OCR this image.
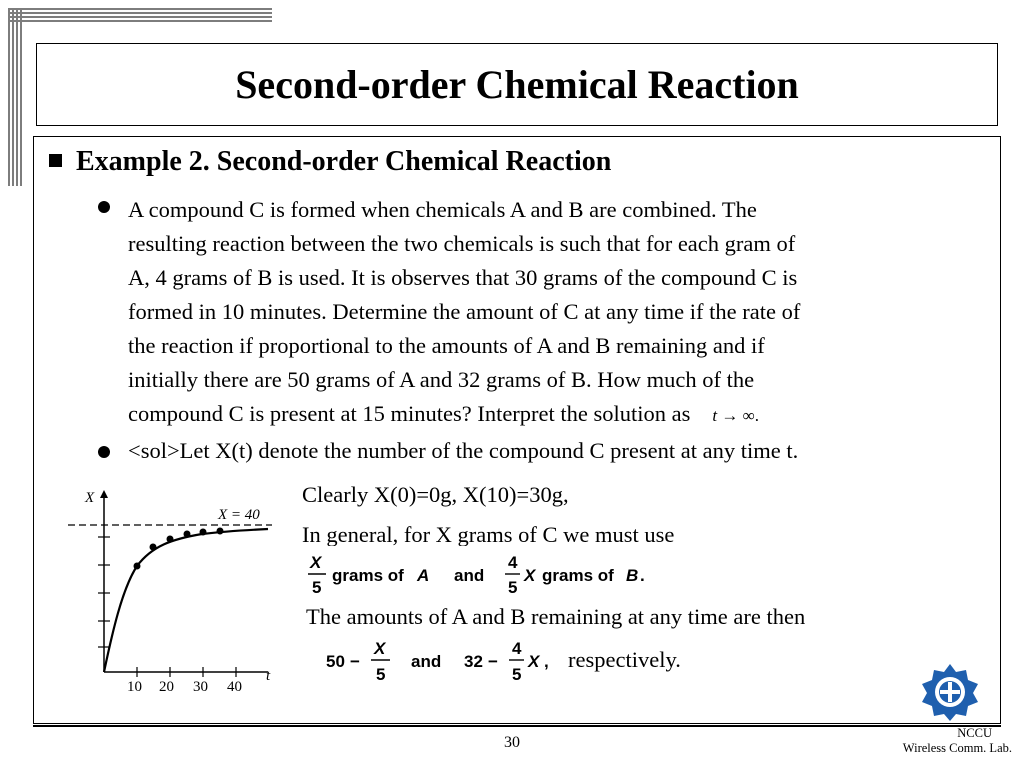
Second-order Chemical Reaction
Example 2. Second-order Chemical Reaction
A compound C is formed when chemicals A and B are combined. The
resulting reaction between the two chemicals is such that for each gram of
A, 4 grams of B is used. It is observes that 30 grams of the compound C is
formed in 10 minutes. Determine the amount of C at any time if the rate of
the reaction if proportional to the amounts of A and B remaining and if
initially there are 50 grams of A and 32 grams of B. How much of the
compound C is present at 15 minutes? Interpret the solution as t → ∞.
<sol>Let X(t) denote the number of the compound C present at any time t.
X
t
X = 40
10 20 30 40
Clearly X(0)=0g, X(10)=30g,
In general, for X grams of C we must use
X
5
grams of A and
4
5
X grams of B .
The amounts of A and B remaining at any time are then
50 −
X
5
and 32 −
4
5
X , respectively.
30
NCCU
Wireless Comm. Lab.
